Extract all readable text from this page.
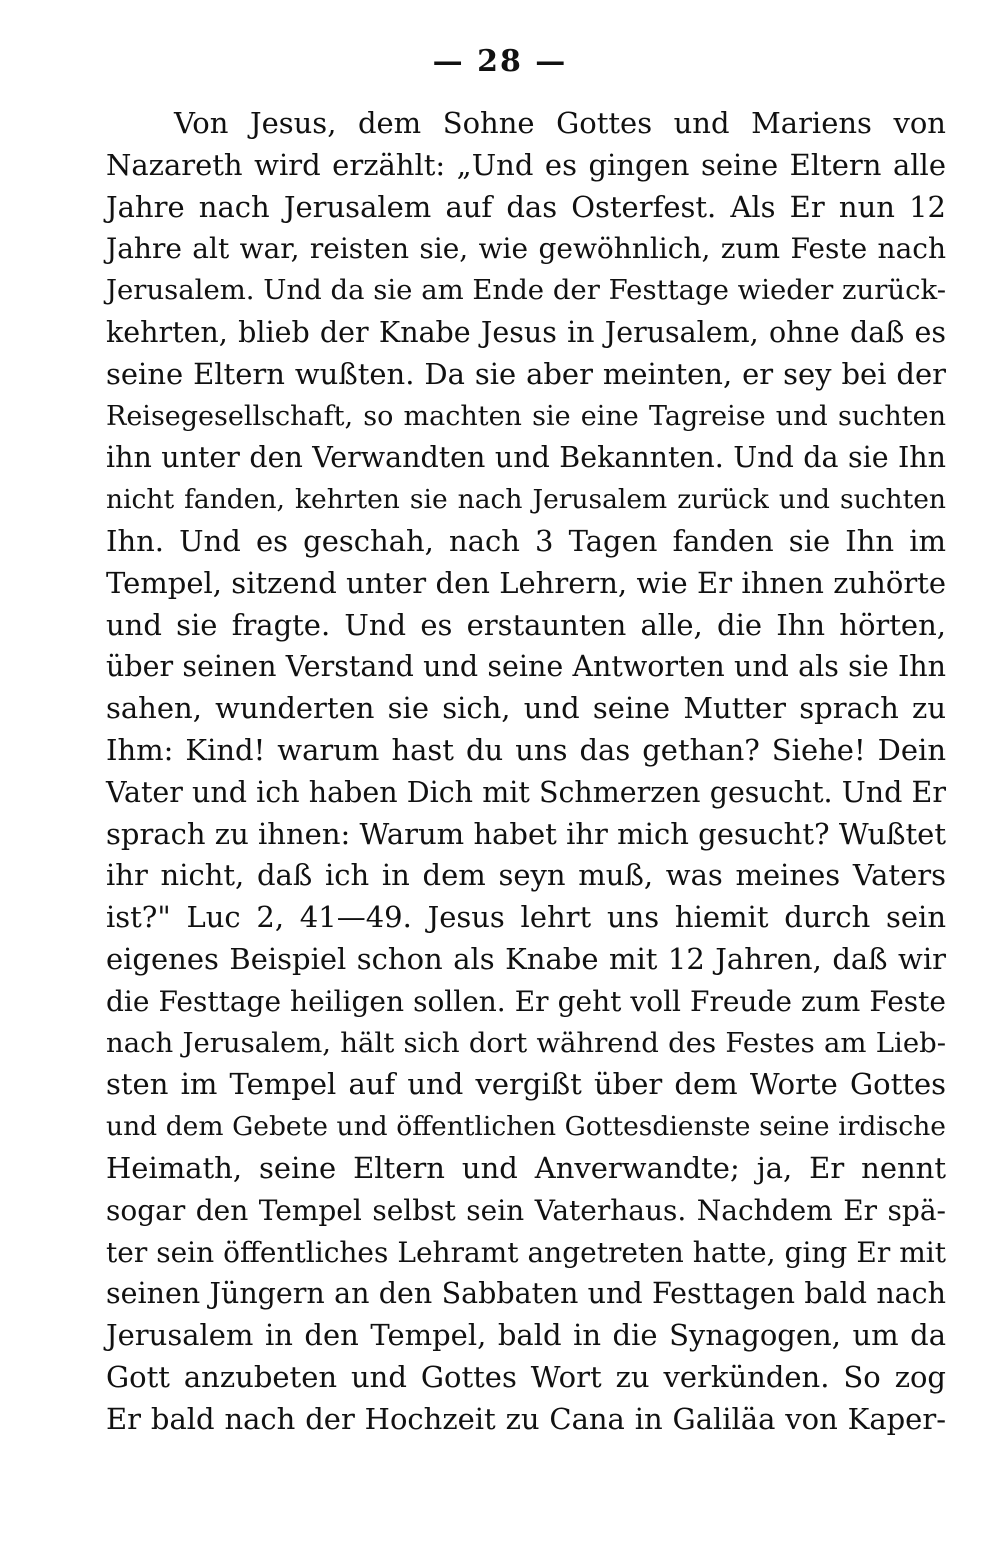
— 28 —
Von Jesus, dem Sohne Gottes und Mariens von
Nazareth wird erzählt: „Und es gingen seine Eltern alle
Jahre nach Jerusalem auf das Osterfest. Als Er nun 12
Jahre alt war, reisten sie, wie gewöhnlich, zum Feste nach
Jerusalem. Und da sie am Ende der Festtage wieder zurück-
kehrten, blieb der Knabe Jesus in Jerusalem, ohne daß es
seine Eltern wußten. Da sie aber meinten, er sey bei der
Reisegesellschaft, so machten sie eine Tagreise und suchten
ihn unter den Verwandten und Bekannten. Und da sie Ihn
nicht fanden, kehrten sie nach Jerusalem zurück und suchten
Ihn. Und es geschah, nach 3 Tagen fanden sie Ihn im
Tempel, sitzend unter den Lehrern, wie Er ihnen zuhörte
und sie fragte. Und es erstaunten alle, die Ihn hörten,
über seinen Verstand und seine Antworten und als sie Ihn
sahen, wunderten sie sich, und seine Mutter sprach zu
Ihm: Kind! warum hast du uns das gethan? Siehe! Dein
Vater und ich haben Dich mit Schmerzen gesucht. Und Er
sprach zu ihnen: Warum habet ihr mich gesucht? Wußtet
ihr nicht, daß ich in dem seyn muß, was meines Vaters
ist?" Luc 2, 41—49. Jesus lehrt uns hiemit durch sein
eigenes Beispiel schon als Knabe mit 12 Jahren, daß wir
die Festtage heiligen sollen. Er geht voll Freude zum Feste
nach Jerusalem, hält sich dort während des Festes am Lieb-
sten im Tempel auf und vergißt über dem Worte Gottes
und dem Gebete und öffentlichen Gottesdienste seine irdische
Heimath, seine Eltern und Anverwandte; ja, Er nennt
sogar den Tempel selbst sein Vaterhaus. Nachdem Er spä-
ter sein öffentliches Lehramt angetreten hatte, ging Er mit
seinen Jüngern an den Sabbaten und Festtagen bald nach
Jerusalem in den Tempel, bald in die Synagogen, um da
Gott anzubeten und Gottes Wort zu verkünden. So zog
Er bald nach der Hochzeit zu Cana in Galiläa von Kaper-
